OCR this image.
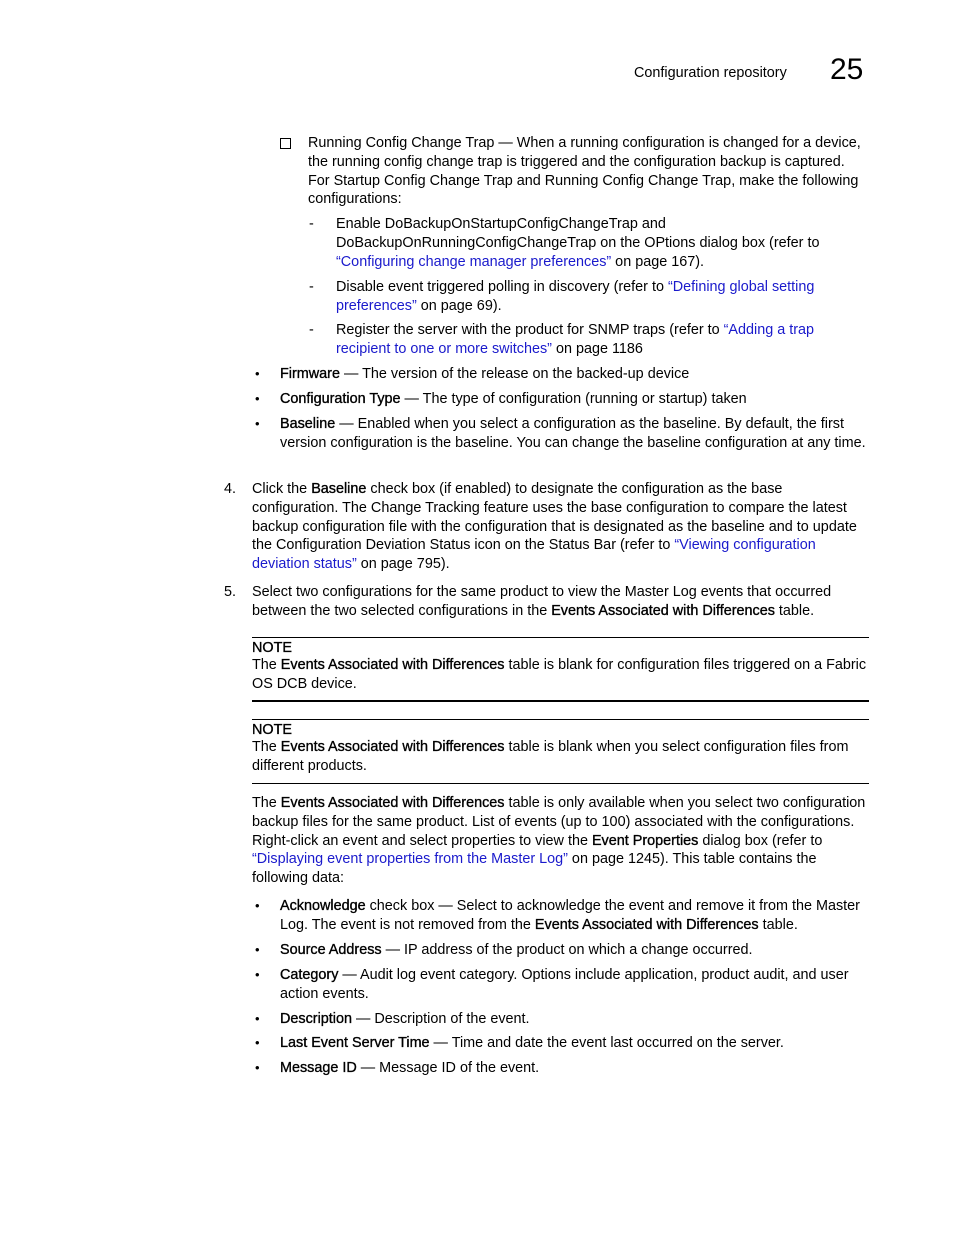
Configuration repository 25

Running Config Change Trap — When a running configuration is changed for a device, the running config change trap is triggered and the configuration backup is captured. For Startup Config Change Trap and Running Config Change Trap, make the following configurations:

- Enable DoBackupOnStartupConfigChangeTrap and DoBackupOnRunningConfigChangeTrap on the OPtions dialog box (refer to “Configuring change manager preferences” on page 167).

- Disable event triggered polling in discovery (refer to “Defining global setting preferences” on page 69).

- Register the server with the product for SNMP traps (refer to “Adding a trap recipient to one or more switches” on page 1186

• Firmware — The version of the release on the backed-up device

• Configuration Type — The type of configuration (running or startup) taken

• Baseline — Enabled when you select a configuration as the baseline. By default, the first version configuration is the baseline. You can change the baseline configuration at any time.

4. Click the Baseline check box (if enabled) to designate the configuration as the base configuration. The Change Tracking feature uses the base configuration to compare the latest backup configuration file with the configuration that is designated as the baseline and to update the Configuration Deviation Status icon on the Status Bar (refer to “Viewing configuration deviation status” on page 795).

5. Select two configurations for the same product to view the Master Log events that occurred between the two selected configurations in the Events Associated with Differences table.

NOTE

The Events Associated with Differences table is blank for configuration files triggered on a Fabric OS DCB device.

NOTE

The Events Associated with Differences table is blank when you select configuration files from different products.

The Events Associated with Differences table is only available when you select two configuration backup files for the same product. List of events (up to 100) associated with the configurations. Right-click an event and select properties to view the Event Properties dialog box (refer to “Displaying event properties from the Master Log” on page 1245). This table contains the following data:

• Acknowledge check box — Select to acknowledge the event and remove it from the Master Log. The event is not removed from the Events Associated with Differences table.

• Source Address — IP address of the product on which a change occurred.

• Category — Audit log event category. Options include application, product audit, and user action events.

• Description — Description of the event.

• Last Event Server Time — Time and date the event last occurred on the server.

• Message ID — Message ID of the event.
